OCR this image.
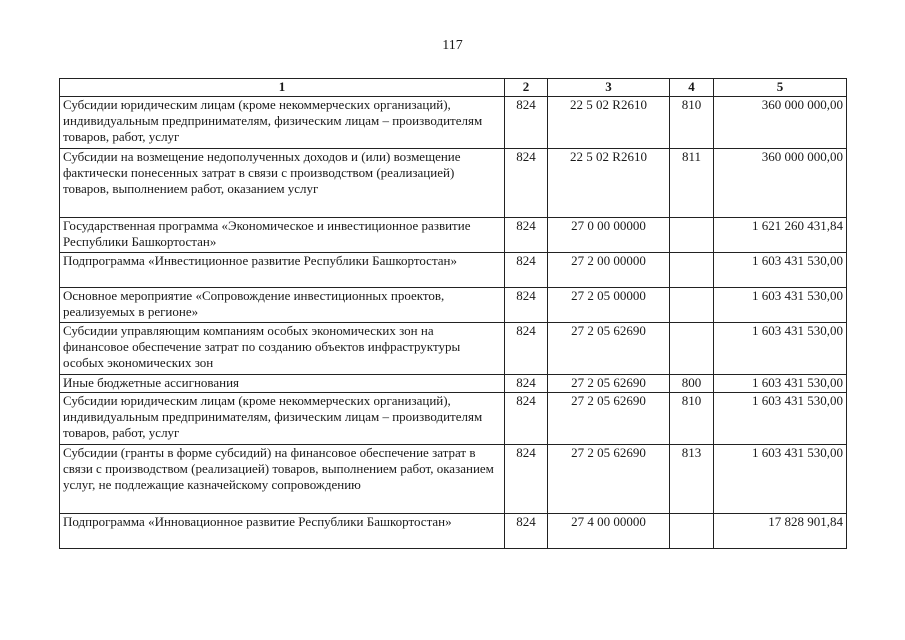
117
1	2	3	4	5
Субсидии юридическим лицам (кроме некоммерческих организаций), индивидуальным предпринимателям, физическим лицам – производителям товаров, работ, услуг	824	22 5 02 R2610	810	360 000 000,00
Субсидии на возмещение недополученных доходов и (или) возмещение фактически понесенных затрат в связи с производством (реализацией) товаров, выполнением работ, оказанием услуг	824	22 5 02 R2610	811	360 000 000,00
Государственная программа «Экономическое и инвестиционное развитие Республики Башкортостан»	824	27 0 00 00000		1 621 260 431,84
Подпрограмма «Инвестиционное развитие Республики Башкортостан»	824	27 2 00 00000		1 603 431 530,00
Основное мероприятие «Сопровождение инвестиционных проектов, реализуемых в регионе»	824	27 2 05 00000		1 603 431 530,00
Субсидии управляющим компаниям особых экономических зон на финансовое обеспечение затрат по созданию объектов инфраструктуры особых экономических зон	824	27 2 05 62690		1 603 431 530,00
Иные бюджетные ассигнования	824	27 2 05 62690	800	1 603 431 530,00
Субсидии юридическим лицам (кроме некоммерческих организаций), индивидуальным предпринимателям, физическим лицам – производителям товаров, работ, услуг	824	27 2 05 62690	810	1 603 431 530,00
Субсидии (гранты в форме субсидий) на финансовое обеспечение затрат в связи с производством (реализацией) товаров, выполнением работ, оказанием услуг, не подлежащие казначейскому сопровождению	824	27 2 05 62690	813	1 603 431 530,00
Подпрограмма «Инновационное развитие Республики Башкортостан»	824	27 4 00 00000		17 828 901,84
